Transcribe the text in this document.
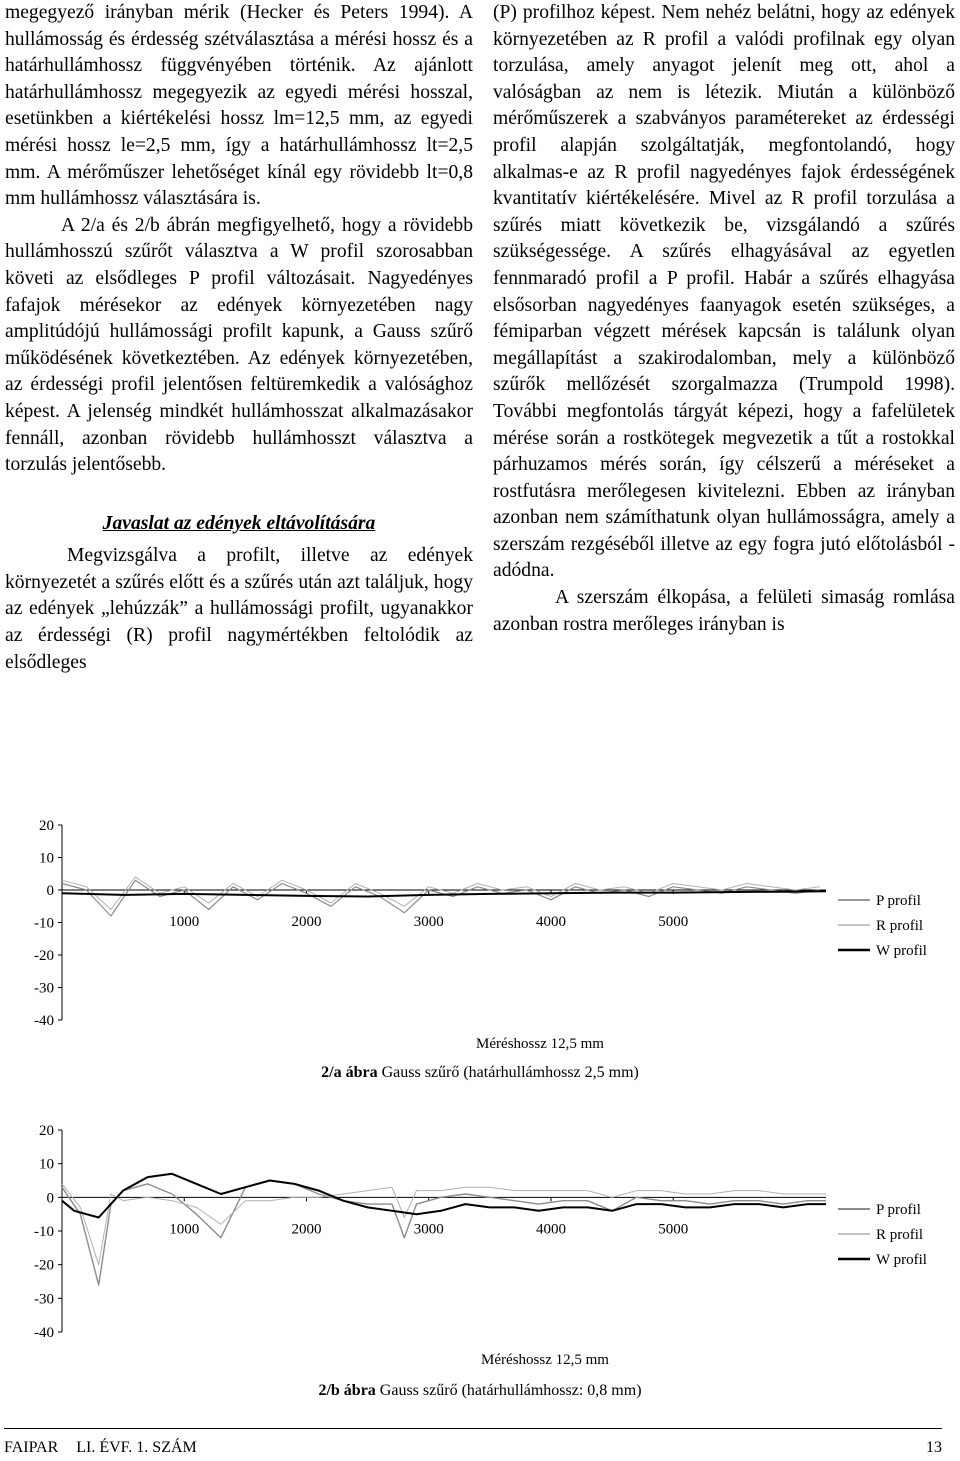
megegyező irányban mérik (Hecker és Peters 1994). A hullámosság és érdesség szétválasztása a mérési hossz és a határhullámhossz függvényében történik. Az ajánlott határhullámhossz megegyezik az egyedi mérési hosszal, esetünkben a kiértékelési hossz lm=12,5 mm, az egyedi mérési hossz le=2,5 mm, így a határhullámhossz lt=2,5 mm. A mérőműszer lehetőséget kínál egy rövidebb lt=0,8 mm hullámhossz választására is.

A 2/a és 2/b ábrán megfigyelhető, hogy a rövidebb hullámhosszú szűrőt választva a W profil szorosabban követi az elsődleges P profil változásait. Nagyedényes fafajok mérésekor az edények környezetében nagy amplitúdójú hullámossági profilt kapunk, a Gauss szűrő működésének következtében. Az edények környezetében, az érdességi profil jelentősen feltüremkedik a valósághoz képest. A jelenség mindkét hullámhosszat alkalmazásakor fennáll, azonban rövidebb hullámhosszt választva a torzulás jelentősebb.

Javaslat az edények eltávolítására

Megvizsgálva a profilt, illetve az edények környezetét a szűrés előtt és a szűrés után azt találjuk, hogy az edények „lehúzzák” a hullámossági profilt, ugyanakkor az érdességi (R) profil nagymértékben feltolódik az elsődleges

(P) profilhoz képest. Nem nehéz belátni, hogy az edények környezetében az R profil a valódi profilnak egy olyan torzulása, amely anyagot jelenít meg ott, ahol a valóságban az nem is létezik. Miután a különböző mérőműszerek a szabványos paramétereket az érdességi profil alapján szolgáltatják, megfontolandó, hogy alkalmas-e az R profil nagyedényes fajok érdességének kvantitatív kiértékelésére. Mivel az R profil torzulása a szűrés miatt következik be, vizsgálandó a szűrés szükségessége. A szűrés elhagyásával az egyetlen fennmaradó profil a P profil. Habár a szűrés elhagyása elsősorban nagyedényes faanyagok esetén szükséges, a fémiparban végzett mérések kapcsán is találunk olyan megállapítást a szakirodalomban, mely a különböző szűrők mellőzését szorgalmazza (Trumpold 1998). További megfontolás tárgyát képezi, hogy a fafelületek mérése során a rostkötegek megvezetik a tűt a rostokkal párhuzamos mérés során, így célszerű a méréseket a rostfutásra merőlegesen kivitelezni. Ebben az irányban azonban nem számíthatunk olyan hullámosságra, amely a szerszám rezgéséből illetve az egy fogra jutó előtolásból - adódna.

A szerszám élkopása, a felületi simaság romlása azonban rostra merőleges irányban is

20
10
0
-10
-20
-30
-40
1000	2000	3000	4000	5000
P profil
R profil
W profil
Méréshossz 12,5 mm
2/a ábra Gauss szűrő (határhullámhossz 2,5 mm)
20
10
0
-10
-20
-30
-40
1000	2000	3000	4000	5000
P profil
R profil
W profil
Méréshossz 12,5 mm
2/b ábra Gauss szűrő (határhullámhossz: 0,8 mm)
FAIPAR LI. ÉVF. 1. SZÁM	13
